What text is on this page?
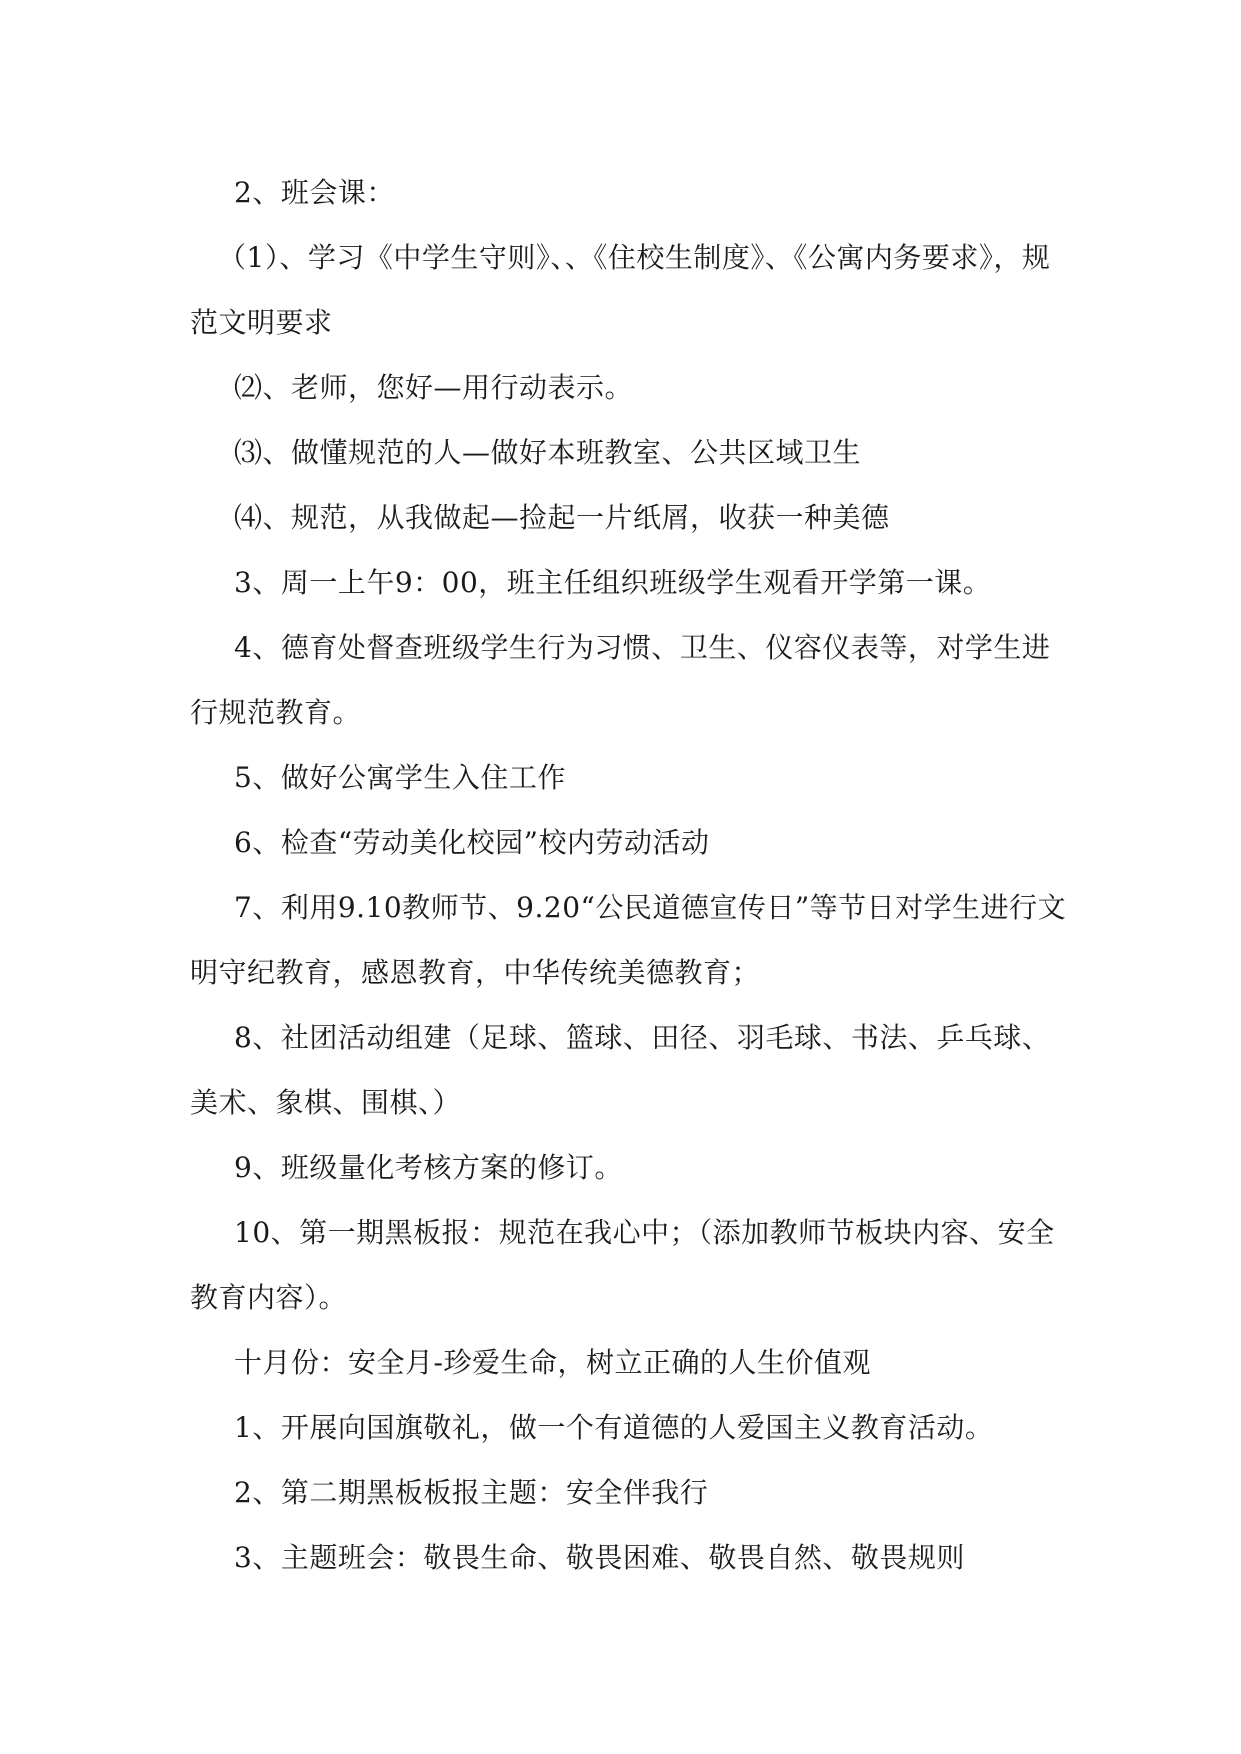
2、班会课：

（1）、学习《中学生守则》、、《住校生制度》、《公寓内务要求》，规范文明要求

⑵、老师，您好—用行动表示。

⑶、做懂规范的人—做好本班教室、公共区域卫生

⑷、规范，从我做起—捡起一片纸屑，收获一种美德

3、周一上午9：00，班主任组织班级学生观看开学第一课。

4、德育处督查班级学生行为习惯、卫生、仪容仪表等，对学生进行规范教育。

5、做好公寓学生入住工作

6、检查“劳动美化校园”校内劳动活动

7、利用9.10教师节、9.20“公民道德宣传日”等节日对学生进行文明守纪教育，感恩教育，中华传统美德教育；

8、社团活动组建（足球、篮球、田径、羽毛球、书法、乒乓球、美术、象棋、围棋、）

9、班级量化考核方案的修订。

10、第一期黑板报：规范在我心中；（添加教师节板块内容、安全教育内容）。

十月份：安全月-珍爱生命，树立正确的人生价值观

1、开展向国旗敬礼，做一个有道德的人爱国主义教育活动。

2、第二期黑板板报主题：安全伴我行

3、主题班会：敬畏生命、敬畏困难、敬畏自然、敬畏规则
